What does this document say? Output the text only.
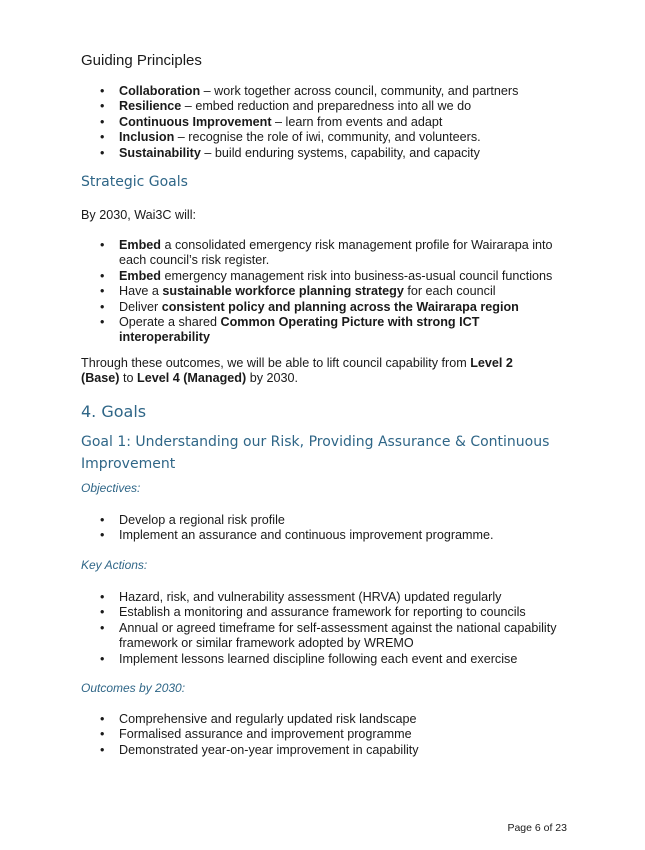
Guiding Principles
• Collaboration – work together across council, community, and partners
• Resilience – embed reduction and preparedness into all we do
• Continuous Improvement – learn from events and adapt
• Inclusion – recognise the role of iwi, community, and volunteers.
• Sustainability – build enduring systems, capability, and capacity
Strategic Goals
By 2030, Wai3C will:
• Embed a consolidated emergency risk management profile for Wairarapa into each council’s risk register.
• Embed emergency management risk into business-as-usual council functions
• Have a sustainable workforce planning strategy for each council
• Deliver consistent policy and planning across the Wairarapa region
• Operate a shared Common Operating Picture with strong ICT interoperability
Through these outcomes, we will be able to lift council capability from Level 2 (Base) to Level 4 (Managed) by 2030.
4. Goals
Goal 1: Understanding our Risk, Providing Assurance & Continuous Improvement
Objectives:
• Develop a regional risk profile
• Implement an assurance and continuous improvement programme.
Key Actions:
• Hazard, risk, and vulnerability assessment (HRVA) updated regularly
• Establish a monitoring and assurance framework for reporting to councils
• Annual or agreed timeframe for self-assessment against the national capability framework or similar framework adopted by WREMO
• Implement lessons learned discipline following each event and exercise
Outcomes by 2030:
• Comprehensive and regularly updated risk landscape
• Formalised assurance and improvement programme
• Demonstrated year-on-year improvement in capability
Page 6 of 23
